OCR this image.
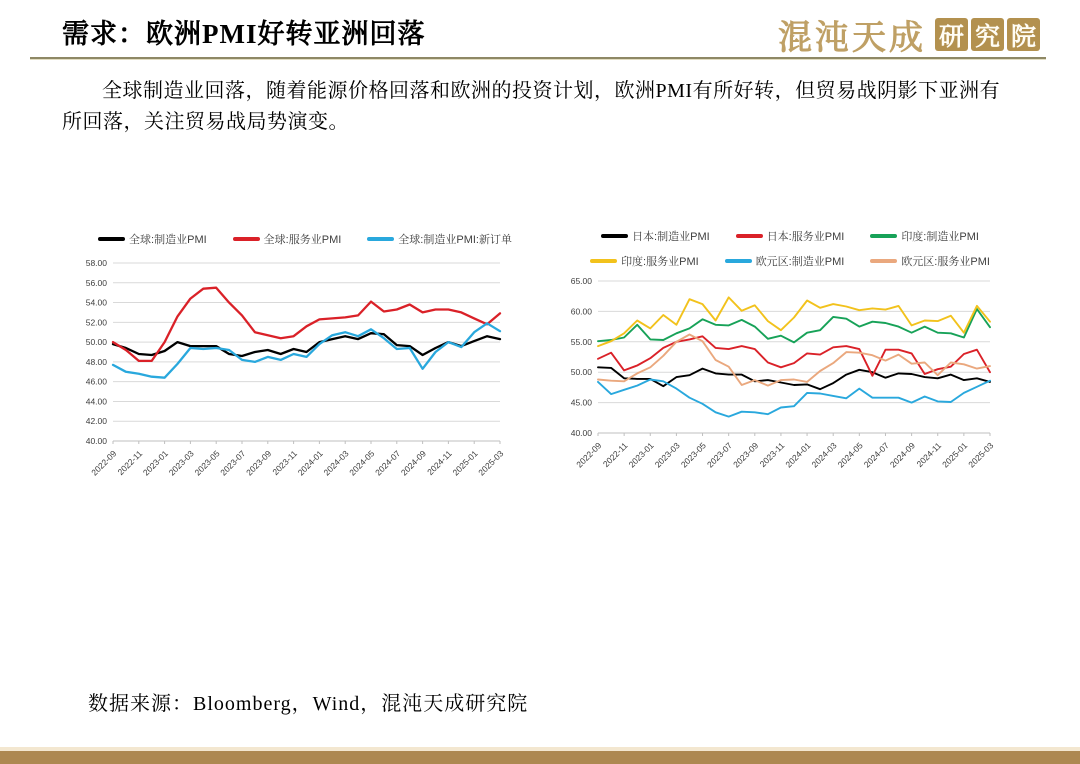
需求：欧洲PMI好转亚洲回落	混沌天成 研 究 院
全球制造业回落，随着能源价格回落和欧洲的投资计划，欧洲PMI有所好转，但贸易战阴影下亚洲有所回落，关注贸易战局势演变。
全球:制造业PMI	全球:服务业PMI	全球:制造业PMI:新订单	日本:制造业PMI	日本:服务业PMI	印度:制造业PMI
印度:服务业PMI	欧元区:制造业PMI	欧元区:服务业PMI
58.00
56.00
54.00
52.00
50.00
48.00
46.00
44.00
42.00
40.00
2022-09
2022-11
2023-01
2023-03
2023-05
2023-07
2023-09
2023-11
2024-01
2024-03
2024-05
2024-07
2024-09
2024-11
2025-01
2025-03
65.00
60.00
55.00
50.00
45.00
40.00
2022-09
2022-11
2023-01
2023-03
2023-05
2023-07
2023-09
2023-11
2024-01
2024-03
2024-05
2024-07
2024-09
2024-11
2025-01
2025-03
数据来源：Bloomberg，Wind，混沌天成研究院
